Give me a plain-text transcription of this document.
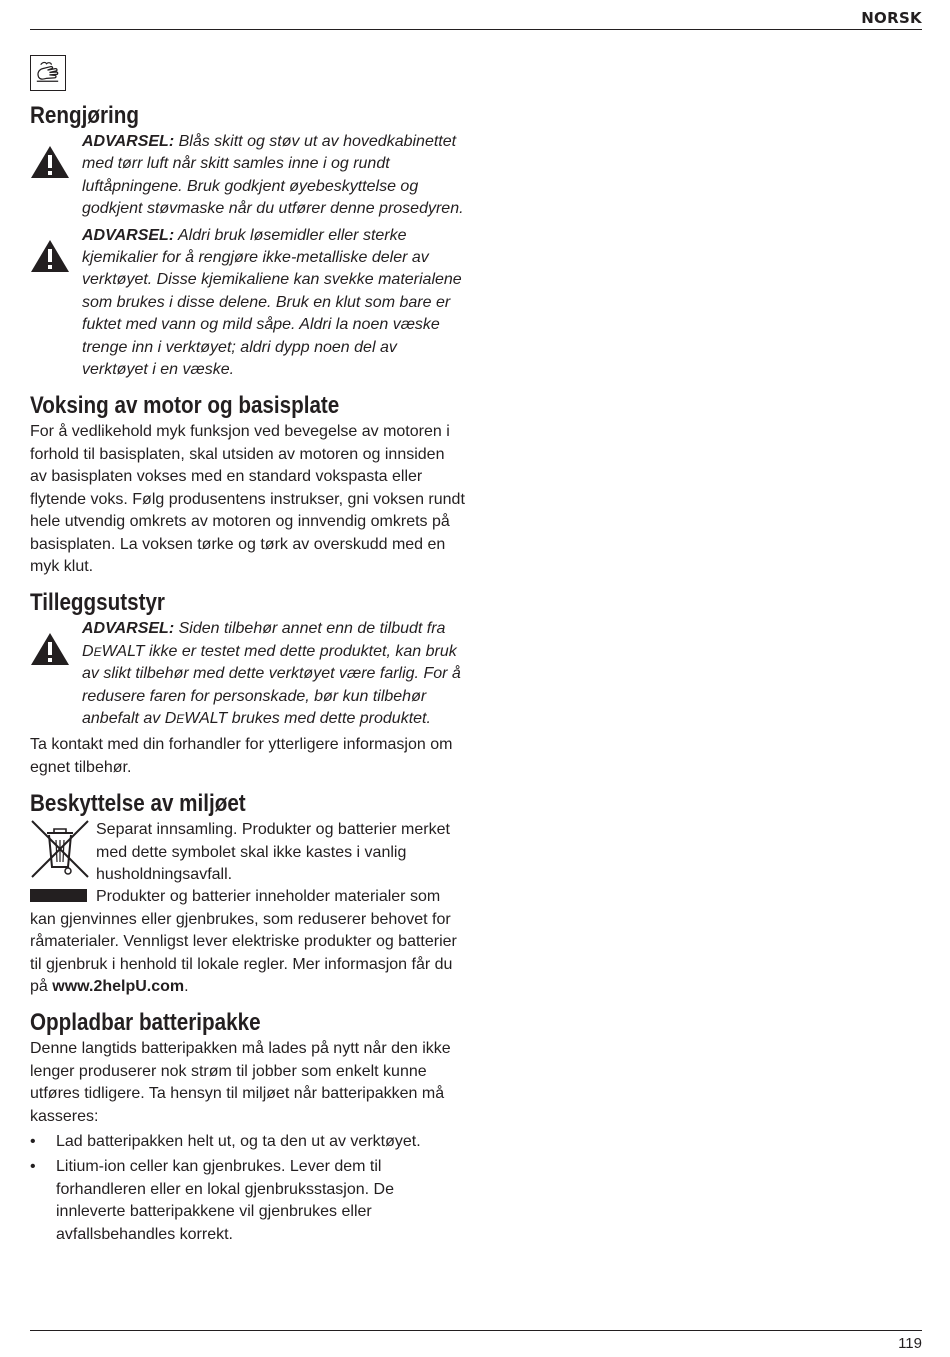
NORSK
Rengjøring
ADVARSEL: Blås skitt og støv ut av hovedkabinettet med tørr luft når skitt samles inne i og rundt luftåpningene. Bruk godkjent øyebeskyttelse og godkjent støvmaske når du utfører denne prosedyren.
ADVARSEL: Aldri bruk løsemidler eller sterke kjemikalier for å rengjøre ikke-metalliske deler av verktøyet. Disse kjemikaliene kan svekke materialene som brukes i disse delene. Bruk en klut som bare er fuktet med vann og mild såpe. Aldri la noen væske trenge inn i verktøyet; aldri dypp noen del av verktøyet i en væske.
Voksing av motor og basisplate

For å vedlikehold myk funksjon ved bevegelse av motoren i forhold til basisplaten, skal utsiden av motoren og innsiden av basisplaten vokses med en standard vokspasta eller flytende voks. Følg produsentens instrukser, gni voksen rundt hele utvendig omkrets av motoren og innvendig omkrets på basisplaten. La voksen tørke og tørk av overskudd med en myk klut.

Tilleggsutstyr
ADVARSEL: Siden tilbehør annet enn de tilbudt fra DEWALT ikke er testet med dette produktet, kan bruk av slikt tilbehør med dette verktøyet være farlig. For å redusere faren for personskade, bør kun tilbehør anbefalt av DEWALT brukes med dette produktet.

Ta kontakt med din forhandler for ytterligere informasjon om egnet tilbehør.

Beskyttelse av miljøet

Separat innsamling. Produkter og batterier merket med dette symbolet skal ikke kastes i vanlig husholdningsavfall.

Produkter og batterier inneholder materialer som kan gjenvinnes eller gjenbrukes, som reduserer behovet for råmaterialer. Vennligst lever elektriske produkter og batterier til gjenbruk i henhold til lokale regler. Mer informasjon får du på www.2helpU.com.

Oppladbar batteripakke

Denne langtids batteripakken må lades på nytt når den ikke lenger produserer nok strøm til jobber som enkelt kunne utføres tidligere. Ta hensyn til miljøet når batteripakken må kasseres:

• Lad batteripakken helt ut, og ta den ut av verktøyet.
• Litium-ion celler kan gjenbrukes. Lever dem til forhandleren eller en lokal gjenbruksstasjon. De innleverte batteripakkene vil gjenbrukes eller avfallsbehandles korrekt.
119
